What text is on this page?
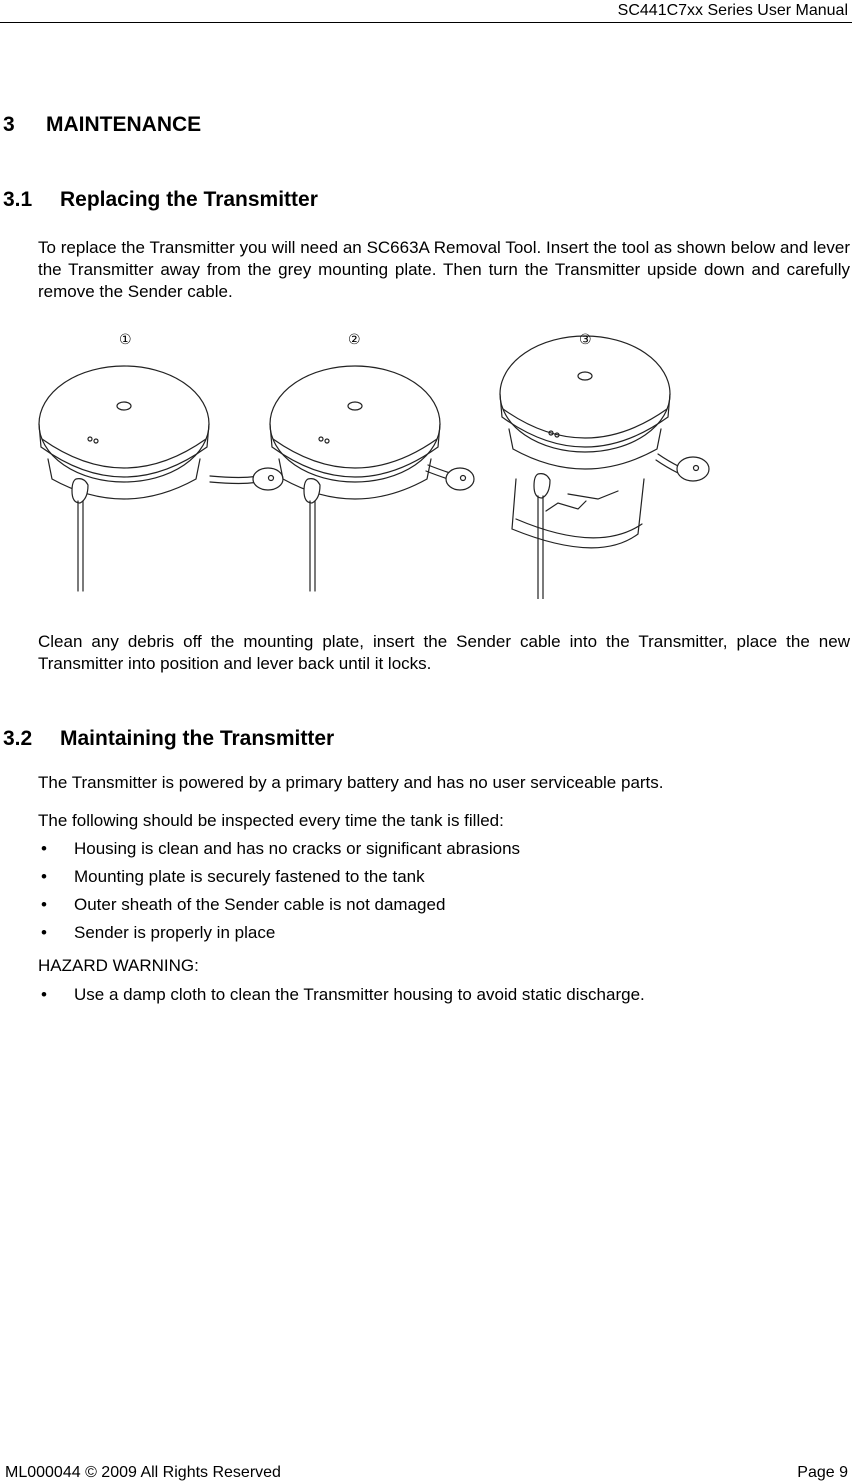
SC441C7xx Series User Manual
3 MAINTENANCE
3.1 Replacing the Transmitter
To replace the Transmitter you will need an SC663A Removal Tool. Insert the tool as shown below and lever the Transmitter away from the grey mounting plate. Then turn the Transmitter upside down and carefully remove the Sender cable.
①	②	③
Clean any debris off the mounting plate, insert the Sender cable into the Transmitter, place the new Transmitter into position and lever back until it locks.
3.2 Maintaining the Transmitter
The Transmitter is powered by a primary battery and has no user serviceable parts.
The following should be inspected every time the tank is filled:
• Housing is clean and has no cracks or significant abrasions
• Mounting plate is securely fastened to the tank
• Outer sheath of the Sender cable is not damaged
• Sender is properly in place
HAZARD WARNING:
• Use a damp cloth to clean the Transmitter housing to avoid static discharge.
ML000044 © 2009 All Rights Reserved	Page 9
